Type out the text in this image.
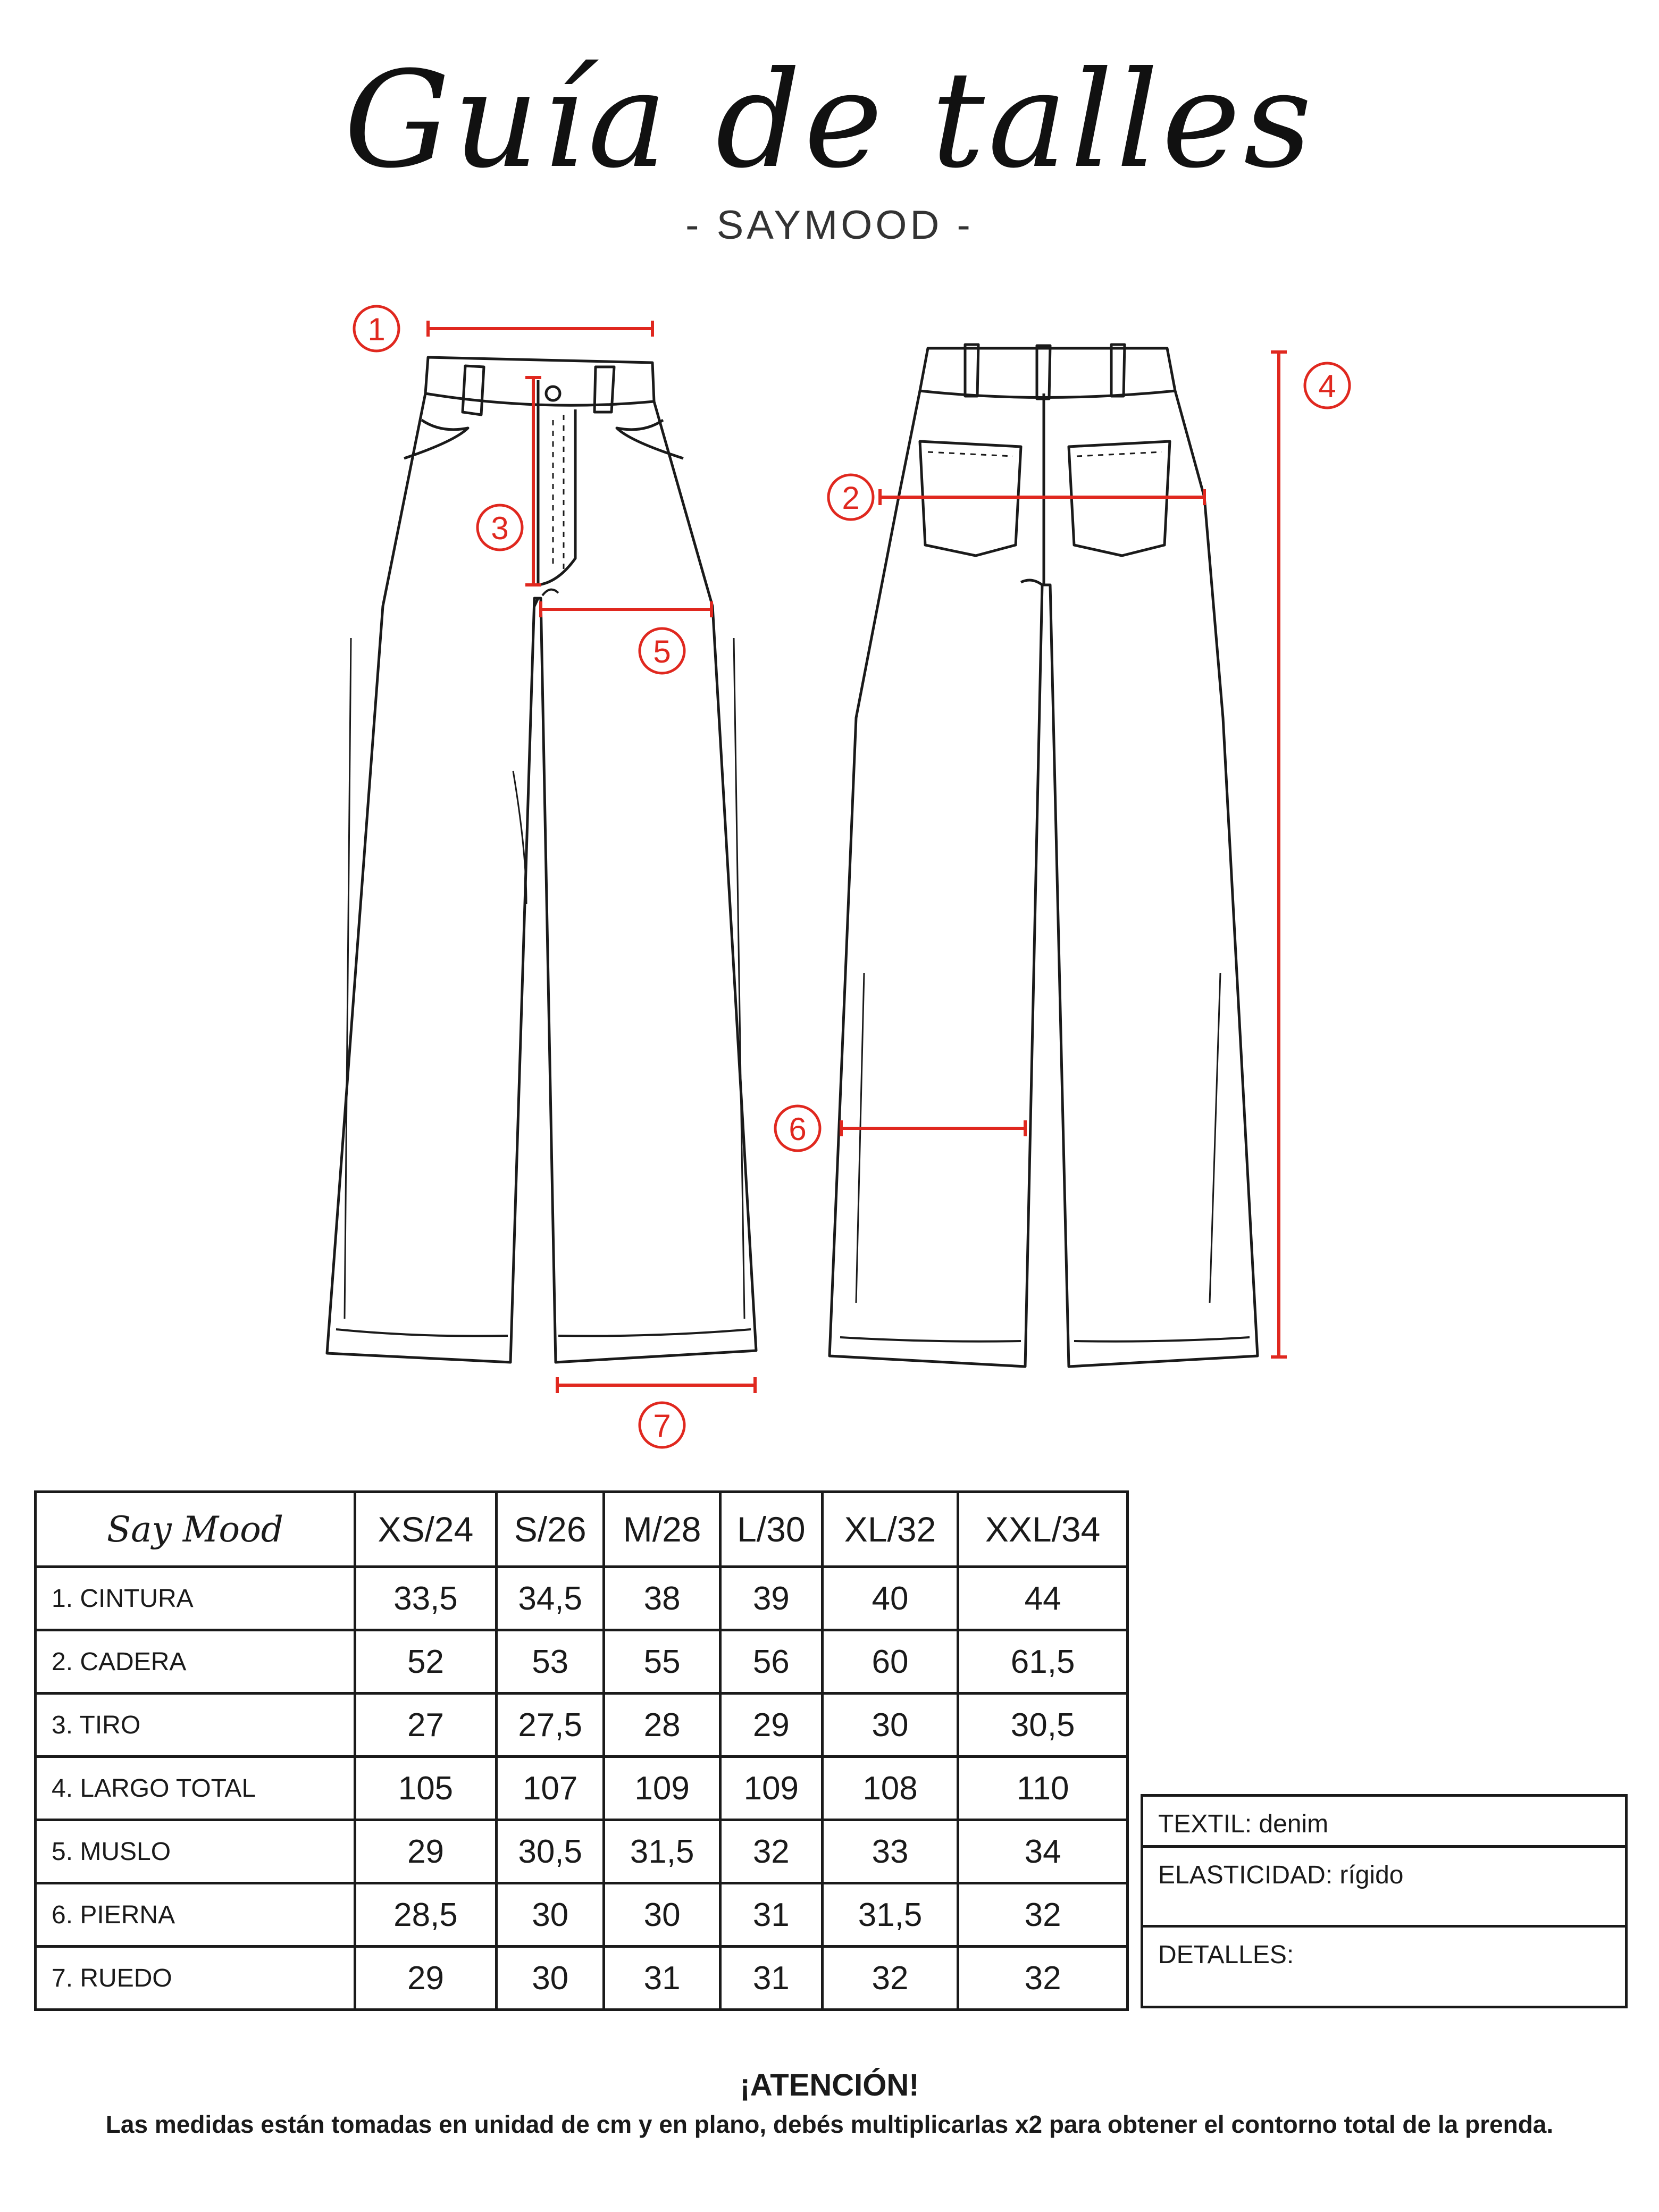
Guía de talles
- SAYMOOD -
1
2
3
4
5
6
7
Say Mood	XS/24	S/26	M/28	L/30	XL/32	XXL/34
1. CINTURA	33,5	34,5	38	39	40	44
2. CADERA	52	53	55	56	60	61,5
3. TIRO	27	27,5	28	29	30	30,5
4. LARGO TOTAL	105	107	109	109	108	110
5. MUSLO	29	30,5	31,5	32	33	34
6. PIERNA	28,5	30	30	31	31,5	32
7. RUEDO	29	30	31	31	32	32
TEXTIL: denim
ELASTICIDAD: rígido
DETALLES:
¡ATENCIÓN!
Las medidas están tomadas en unidad de cm y en plano, debés multiplicarlas x2 para obtener el contorno total de la prenda.
